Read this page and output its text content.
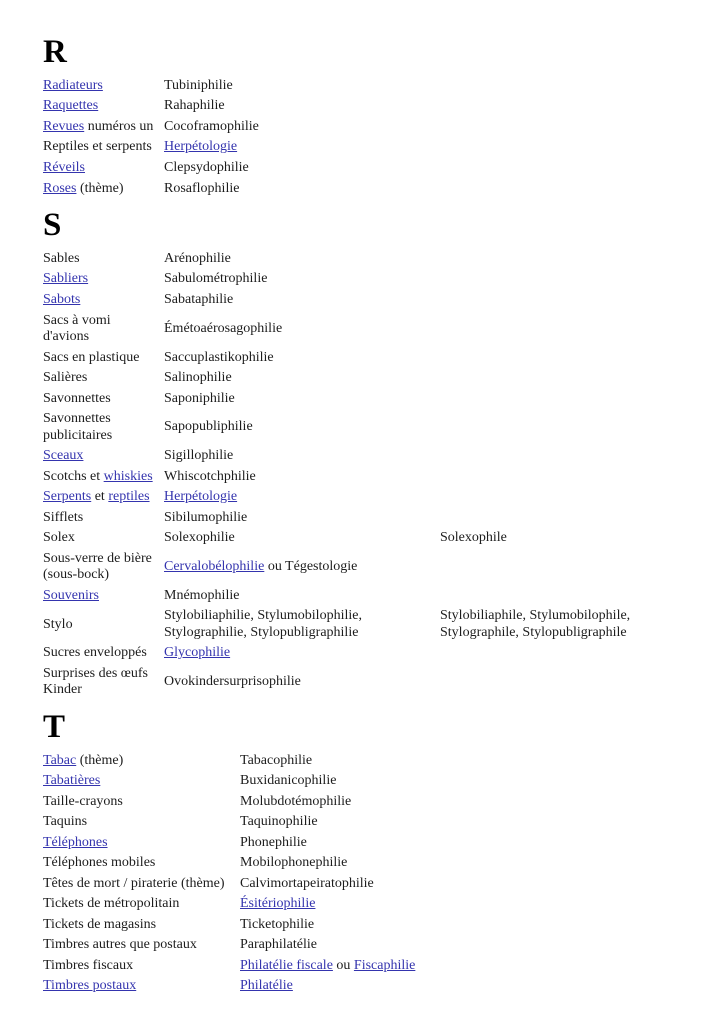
R
Radiateurs	Tubiniphilie
Raquettes	Rahaphilie
Revues numéros un	Cocoframophilie
Reptiles et serpents	Herpétologie
Réveils	Clepsydophilie
Roses (thème)	Rosaflophilie
S
Sables	Arénophilie	
Sabliers	Sabulométrophilie	
Sabots	Sabataphilie	
Sacs à vomi d'avions	Émétoaérosagophilie	
Sacs en plastique	Saccuplastikophilie	
Salières	Salinophilie	
Savonnettes	Saponiphilie	
Savonnettes publicitaires	Sapopubliphilie	
Sceaux	Sigillophilie	
Scotchs et whiskies	Whiscotchphilie	
Serpents et reptiles	Herpétologie	
Sifflets	Sibilumophilie	
Solex	Solexophilie	Solexophile
Sous-verre de bière (sous-bock)	Cervalobélophilie ou Tégestologie	
Souvenirs	Mnémophilie	
Stylo	Stylobiliaphilie, Stylumobilophilie, Stylographilie, Stylopubligraphilie	Stylobiliaphile, Stylumobilophile, Stylographile, Stylopubligraphile
Sucres enveloppés	Glycophilie	
Surprises des œufs Kinder	Ovokindersurprisophilie	
T
Tabac (thème)	Tabacophilie
Tabatières	Buxidanicophilie
Taille-crayons	Molubdotémophilie
Taquins	Taquinophilie
Téléphones	Phonephilie
Téléphones mobiles	Mobilophonephilie
Têtes de mort / piraterie (thème)	Calvimortapeiratophilie
Tickets de métropolitain	Ésitériophilie
Tickets de magasins	Ticketophilie
Timbres autres que postaux	Paraphilatélie
Timbres fiscaux	Philatélie fiscale ou Fiscaphilie
Timbres postaux	Philatélie
